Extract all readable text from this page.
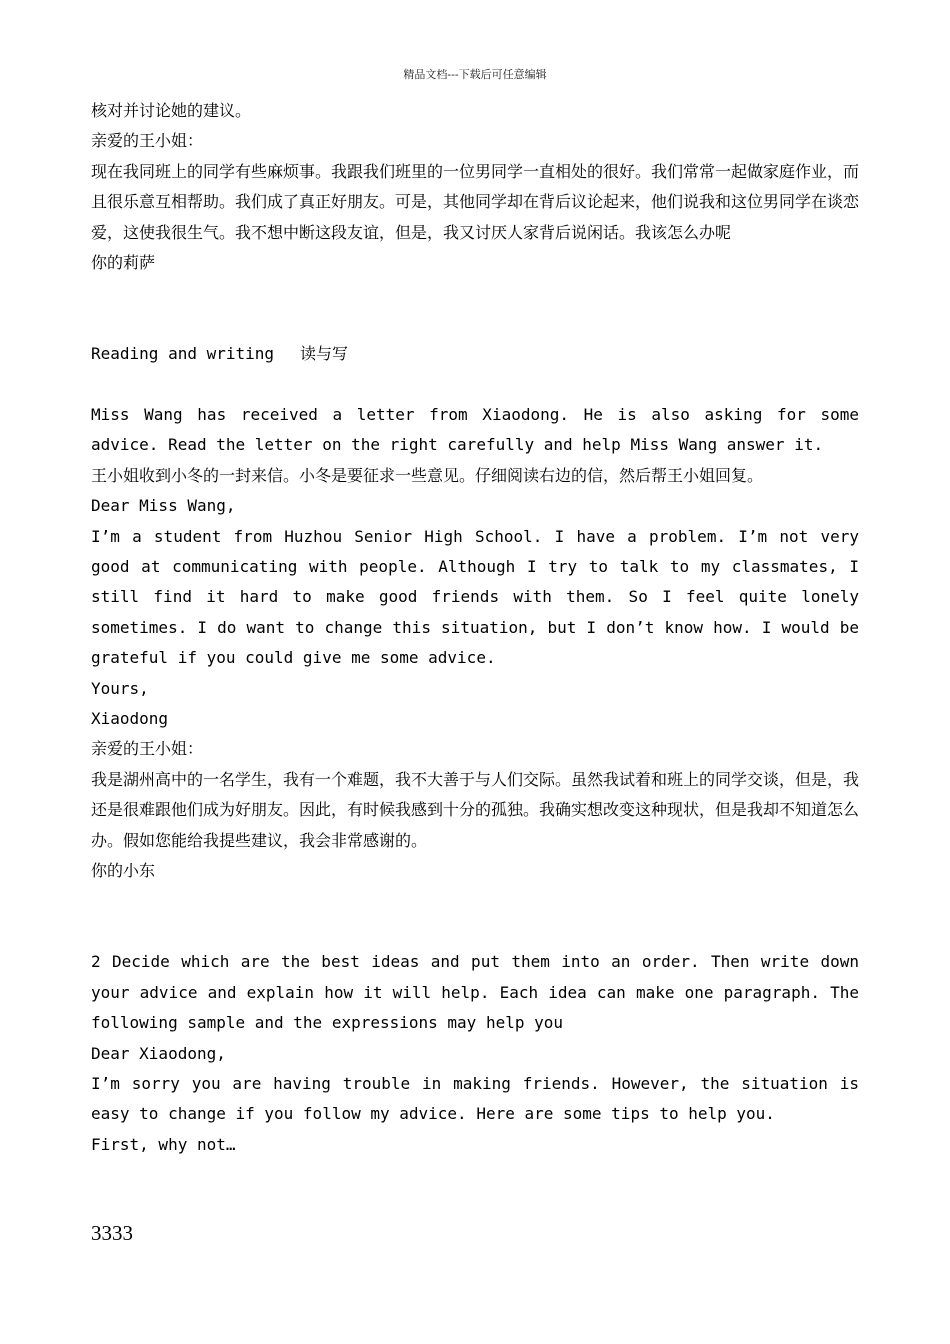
精品文档---下载后可任意编辑

核对并讨论她的建议。

亲爱的王小姐：

现在我同班上的同学有些麻烦事。我跟我们班里的一位男同学一直相处的很好。我们常常一起做家庭作业，而且很乐意互相帮助。我们成了真正好朋友。可是，其他同学却在背后议论起来，他们说我和这位男同学在谈恋爱，这使我很生气。我不想中断这段友谊，但是，我又讨厌人家背后说闲话。我该怎么办呢

你的莉萨

Reading and writing 读与写

Miss Wang has received a letter from Xiaodong. He is also asking for some advice. Read the letter on the right carefully and help Miss Wang answer it.

王小姐收到小冬的一封来信。小冬是要征求一些意见。仔细阅读右边的信，然后帮王小姐回复。

Dear Miss Wang,

I’m a student from Huzhou Senior High School. I have a problem. I’m not very good at communicating with people. Although I try to talk to my classmates, I still find it hard to make good friends with them. So I feel quite lonely sometimes. I do want to change this situation, but I don’t know how. I would be grateful if you could give me some advice.

Yours,

Xiaodong

亲爱的王小姐：

我是湖州高中的一名学生，我有一个难题，我不大善于与人们交际。虽然我试着和班上的同学交谈，但是，我还是很难跟他们成为好朋友。因此，有时候我感到十分的孤独。我确实想改变这种现状，但是我却不知道怎么办。假如您能给我提些建议，我会非常感谢的。

你的小东

2 Decide which are the best ideas and put them into an order. Then write down your advice and explain how it will help. Each idea can make one paragraph. The following sample and the expressions may help you

Dear Xiaodong,

I’m sorry you are having trouble in making friends. However, the situation is easy to change if you follow my advice. Here are some tips to help you.

First, why not…

3333
